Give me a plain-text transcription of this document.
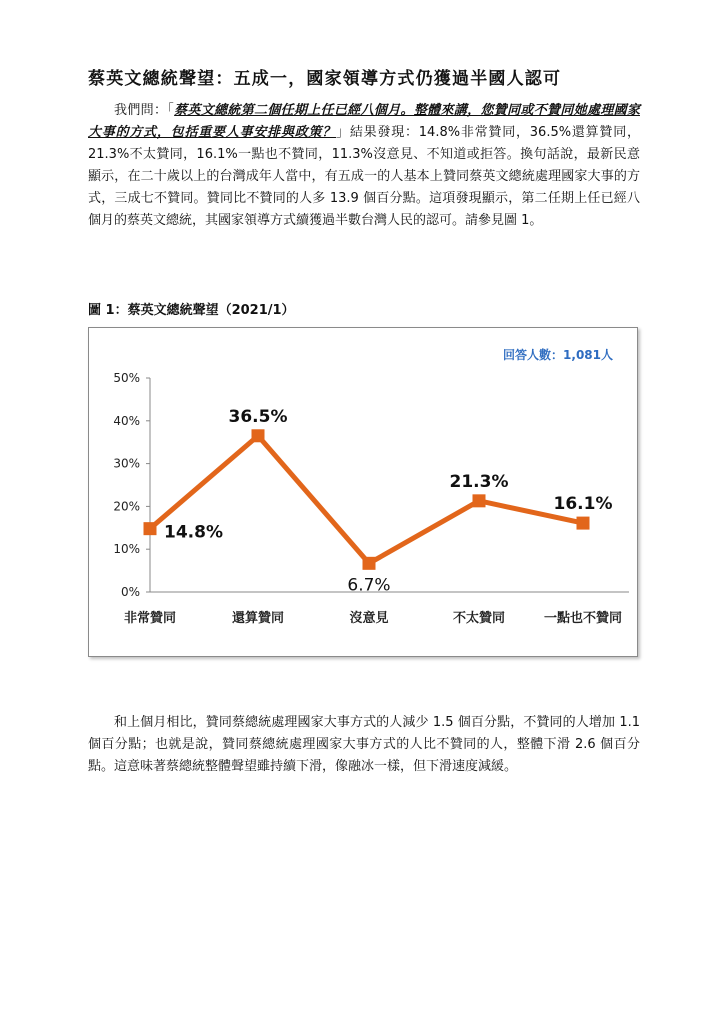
蔡英文總統聲望：五成一，國家領導方式仍獲過半國人認可

我們問：「蔡英文總統第二個任期上任已經八個月。整體來講，您贊同或不贊同她處理國家大事的方式，包括重要人事安排與政策？」結果發現：14.8%非常贊同，36.5%還算贊同，21.3%不太贊同，16.1%一點也不贊同，11.3%沒意見、不知道或拒答。換句話說，最新民意顯示，在二十歲以上的台灣成年人當中，有五成一的人基本上贊同蔡英文總統處理國家大事的方式，三成七不贊同。贊同比不贊同的人多 13.9 個百分點。這項發現顯示，第二任期上任已經八個月的蔡英文總統，其國家領導方式續獲過半數台灣人民的認可。請參見圖 1。

圖 1：蔡英文總統聲望（2021/1）

0%
10%
20%
30%
40%
50%
非常贊同	還算贊同	沒意見	不太贊同	一點也不贊同
14.8%
36.5%
6.7%
21.3%
16.1%
回答人數：1,081人

和上個月相比，贊同蔡總統處理國家大事方式的人減少 1.5 個百分點，不贊同的人增加 1.1 個百分點；也就是說，贊同蔡總統處理國家大事方式的人比不贊同的人，整體下滑 2.6 個百分點。這意味著蔡總統整體聲望雖持續下滑，像融冰一樣，但下滑速度減緩。
